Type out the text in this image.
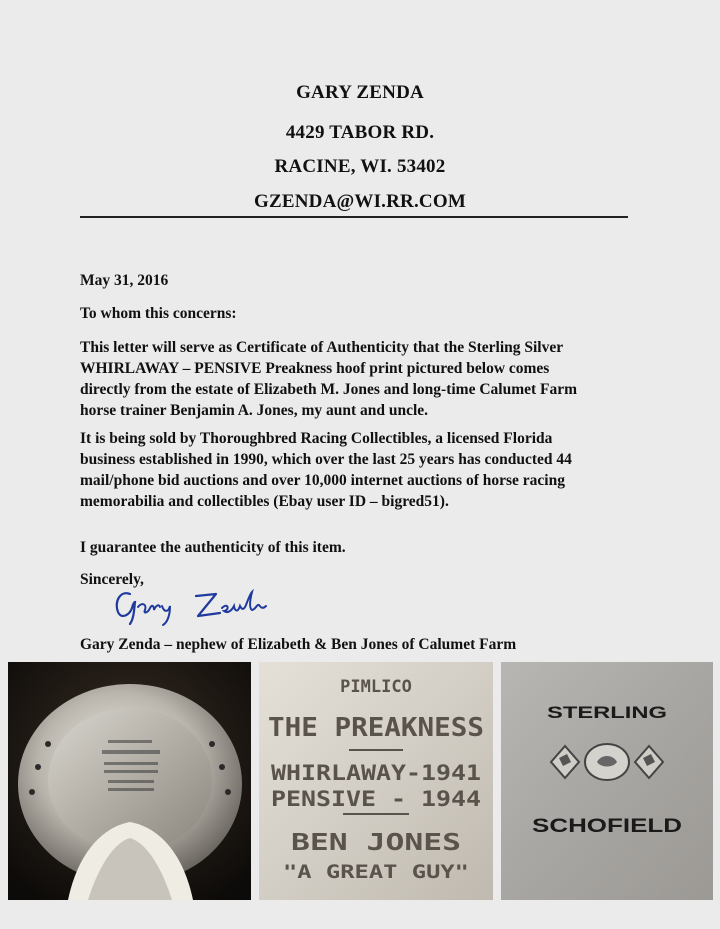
GARY ZENDA
4429 TABOR RD.
RACINE, WI. 53402
GZENDA@WI.RR.COM
May 31, 2016
To whom this concerns:
This letter will serve as Certificate of Authenticity that the Sterling Silver
WHIRLAWAY – PENSIVE Preakness hoof print pictured below comes
directly from the estate of Elizabeth M. Jones and long-time Calumet Farm
horse trainer Benjamin A. Jones, my aunt and uncle.
It is being sold by Thoroughbred Racing Collectibles, a licensed Florida
business established in 1990, which over the last 25 years has conducted 44
mail/phone bid auctions and over 10,000 internet auctions of horse racing
memorabilia and collectibles (Ebay user ID – bigred51).
I guarantee the authenticity of this item.
Sincerely,
Gary Zenda – nephew of Elizabeth & Ben Jones of Calumet Farm
PIMLICO
THE PREAKNESS
WHIRLAWAY-1941
PENSIVE - 1944
BEN JONES
"A GREAT GUY"
STERLING
SCHOFIELD
